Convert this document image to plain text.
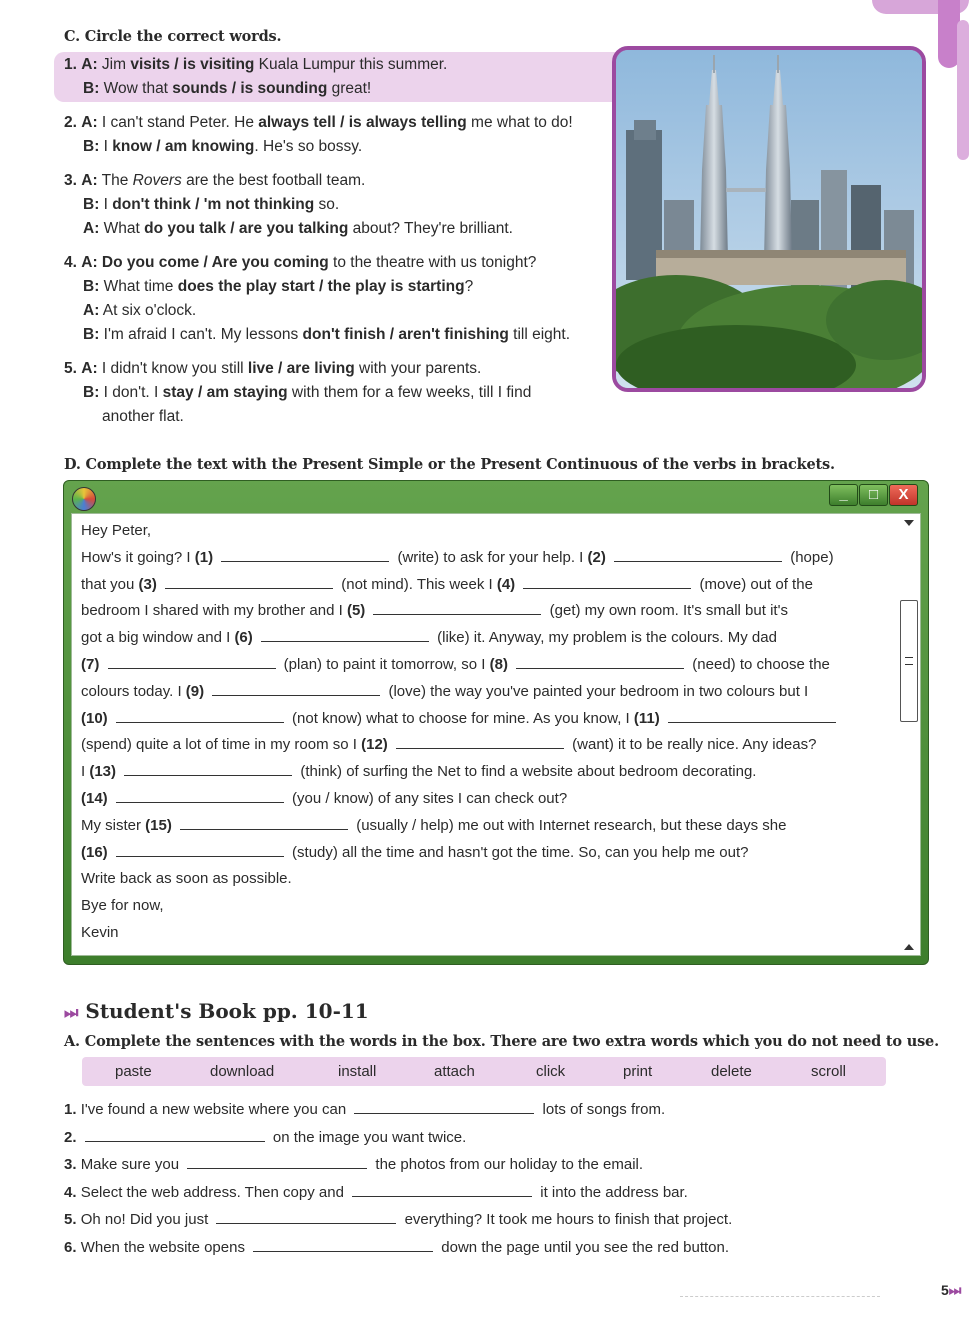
C. Circle the correct words.
1. A: Jim visits / is visiting Kuala Lumpur this summer.
B: Wow that sounds / is sounding great!
2. A: I can't stand Peter. He always tell / is always telling me what to do!
B: I know / am knowing. He's so bossy.
3. A: The Rovers are the best football team.
B: I don't think / 'm not thinking so.
A: What do you talk / are you talking about? They're brilliant.
4. A: Do you come / Are you coming to the theatre with us tonight?
B: What time does the play start / the play is starting?
A: At six o'clock.
B: I'm afraid I can't. My lessons don't finish / aren't finishing till eight.
5. A: I didn't know you still live / are living with your parents.
B: I don't. I stay / am staying with them for a few weeks, till I find
another flat.
D. Complete the text with the Present Simple or the Present Continuous of the verbs in brackets.
_	□	X
Hey Peter,
How's it going? I (1)	(write) to ask for your help. I (2)	(hope)
that you (3)	(not mind). This week I (4)	(move) out of the
bedroom I shared with my brother and I (5)	(get) my own room. It's small but it's
got a big window and I (6)	(like) it. Anyway, my problem is the colours. My dad
(7)	(plan) to paint it tomorrow, so I (8)	(need) to choose the
colours today. I (9)	(love) the way you've painted your bedroom in two colours but I
(10)	(not know) what to choose for mine. As you know, I (11)
(spend) quite a lot of time in my room so I (12)	(want) it to be really nice. Any ideas?
I (13)	(think) of surfing the Net to find a website about bedroom decorating.
(14)	(you / know) of any sites I can check out?
My sister (15)	(usually / help) me out with Internet research, but these days she
(16)	(study) all the time and hasn't got the time. So, can you help me out?
Write back as soon as possible.
Bye for now,
Kevin
⏭ Student's Book pp. 10-11
A. Complete the sentences with the words in the box. There are two extra words which you do not need to use.
paste	download	install	attach	click	print	delete	scroll
1. I've found a new website where you can	lots of songs from.
2.	on the image you want twice.
3. Make sure you	the photos from our holiday to the email.
4. Select the web address. Then copy and	it into the address bar.
5. Oh no! Did you just	everything? It took me hours to finish that project.
6. When the website opens	down the page until you see the red button.
5⏭
